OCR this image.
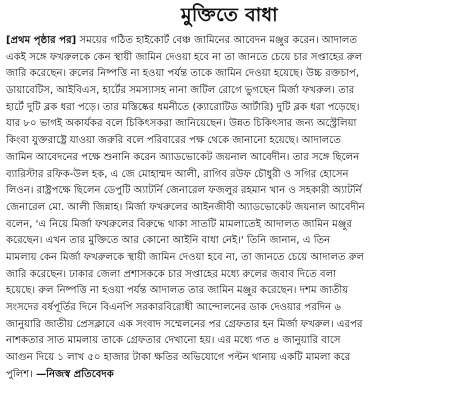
মুক্তিতে বাধা
[প্রথম পৃষ্ঠার পর] সময়ের গঠিত হাইকোর্ট বেঞ্চ জামিনের আবেদন মঞ্জুর করেন। আদালত
একই সঙ্গে ফখরুলকে কেন স্থায়ী জামিন দেওয়া হবে না তা জানতে চেয়ে চার সপ্তাহের রুল
জারি করেছেন। রুলের নিষ্পত্তি না হওয়া পর্যন্ত তাকে জামিন দেওয়া হয়েছে। উচ্চ রক্তচাপ,
ডায়াবেটিস, আইবিএস, হার্টের সমস্যাসহ নানা জটিল রোগে ভুগছেন মির্জা ফখরুল। তার
হার্টে দুটি ব্লক ধরা পড়ে। তার মস্তিষ্কের ধমনীতে (ক্যারোটিড আর্টারি) দুটি ব্লক ধরা পড়েছে।
যার ৮০ ভাগই অকার্যকর বলে চিকিৎসকরা জানিয়েছেন। উন্নত চিকিৎসার জন্য অস্ট্রেলিয়া
কিংবা যুক্তরাষ্ট্রে যাওয়া জরুরি বলে পরিবারের পক্ষ থেকে জানানো হয়েছে। আদালতে
জামিন আবেদনের পক্ষে শুনানি করেন অ্যাডভোকেট জয়নাল আবেদীন। তার সঙ্গে ছিলেন
ব্যারিস্টার রফিক-উল হক, এ জে মোহাম্মদ আলী, রাগিব রউফ চৌধুরী ও সগির হোসেন
লিওন। রাষ্ট্রপক্ষে ছিলেন ডেপুটি অ্যাটর্নি জেনারেল ফজলুর রহমান খান ও সহকারী অ্যাটর্নি
জেনারেল মো. আলী জিন্নাহ। মির্জা ফখরুলের আইনজীবী অ্যাডভোকেট জয়নাল আবেদীন
বলেন, 'এ নিয়ে মির্জা ফখরুলের বিরুদ্ধে থাকা সাতটি মামলাতেই আদালত জামিন মঞ্জুর
করেছেন। এখন তার মুক্তিতে আর কোনো আইনি বাধা নেই।' তিনি জানান, এ তিন
মামলায় কেন মির্জা ফখরুলকে স্থায়ী জামিন দেওয়া হবে না, তা জানতে চেয়ে আদালত রুল
জারি করেছেন। ঢাকার জেলা প্রশাসককে চার সপ্তাহের মধ্যে রুলের জবাব দিতে বলা
হয়েছে। রুল নিষ্পত্তি না হওয়া পর্যন্ত আদালত তার জামিন মঞ্জুর করেছেন। দশম জাতীয়
সংসদের বর্ষপূর্তির দিনে বিএনপি সরকারবিরোধী আন্দোলনের ডাক দেওয়ার পরদিন ৬
জানুয়ারি জাতীয় প্রেসক্লাবে এক সংবাদ সম্মেলনের পর গ্রেফতার হন মির্জা ফখরুল। এরপর
নাশকতার সাত মামলায় তাকে গ্রেফতার দেখানো হয়। এর মধ্যে গত ৪ জানুয়ারি বাসে
আগুন দিয়ে ১ লাখ ৫০ হাজার টাকা ক্ষতির অভিযোগে পল্টন থানায় একটি মামলা করে
পুলিশ। —নিজস্ব প্রতিবেদক
